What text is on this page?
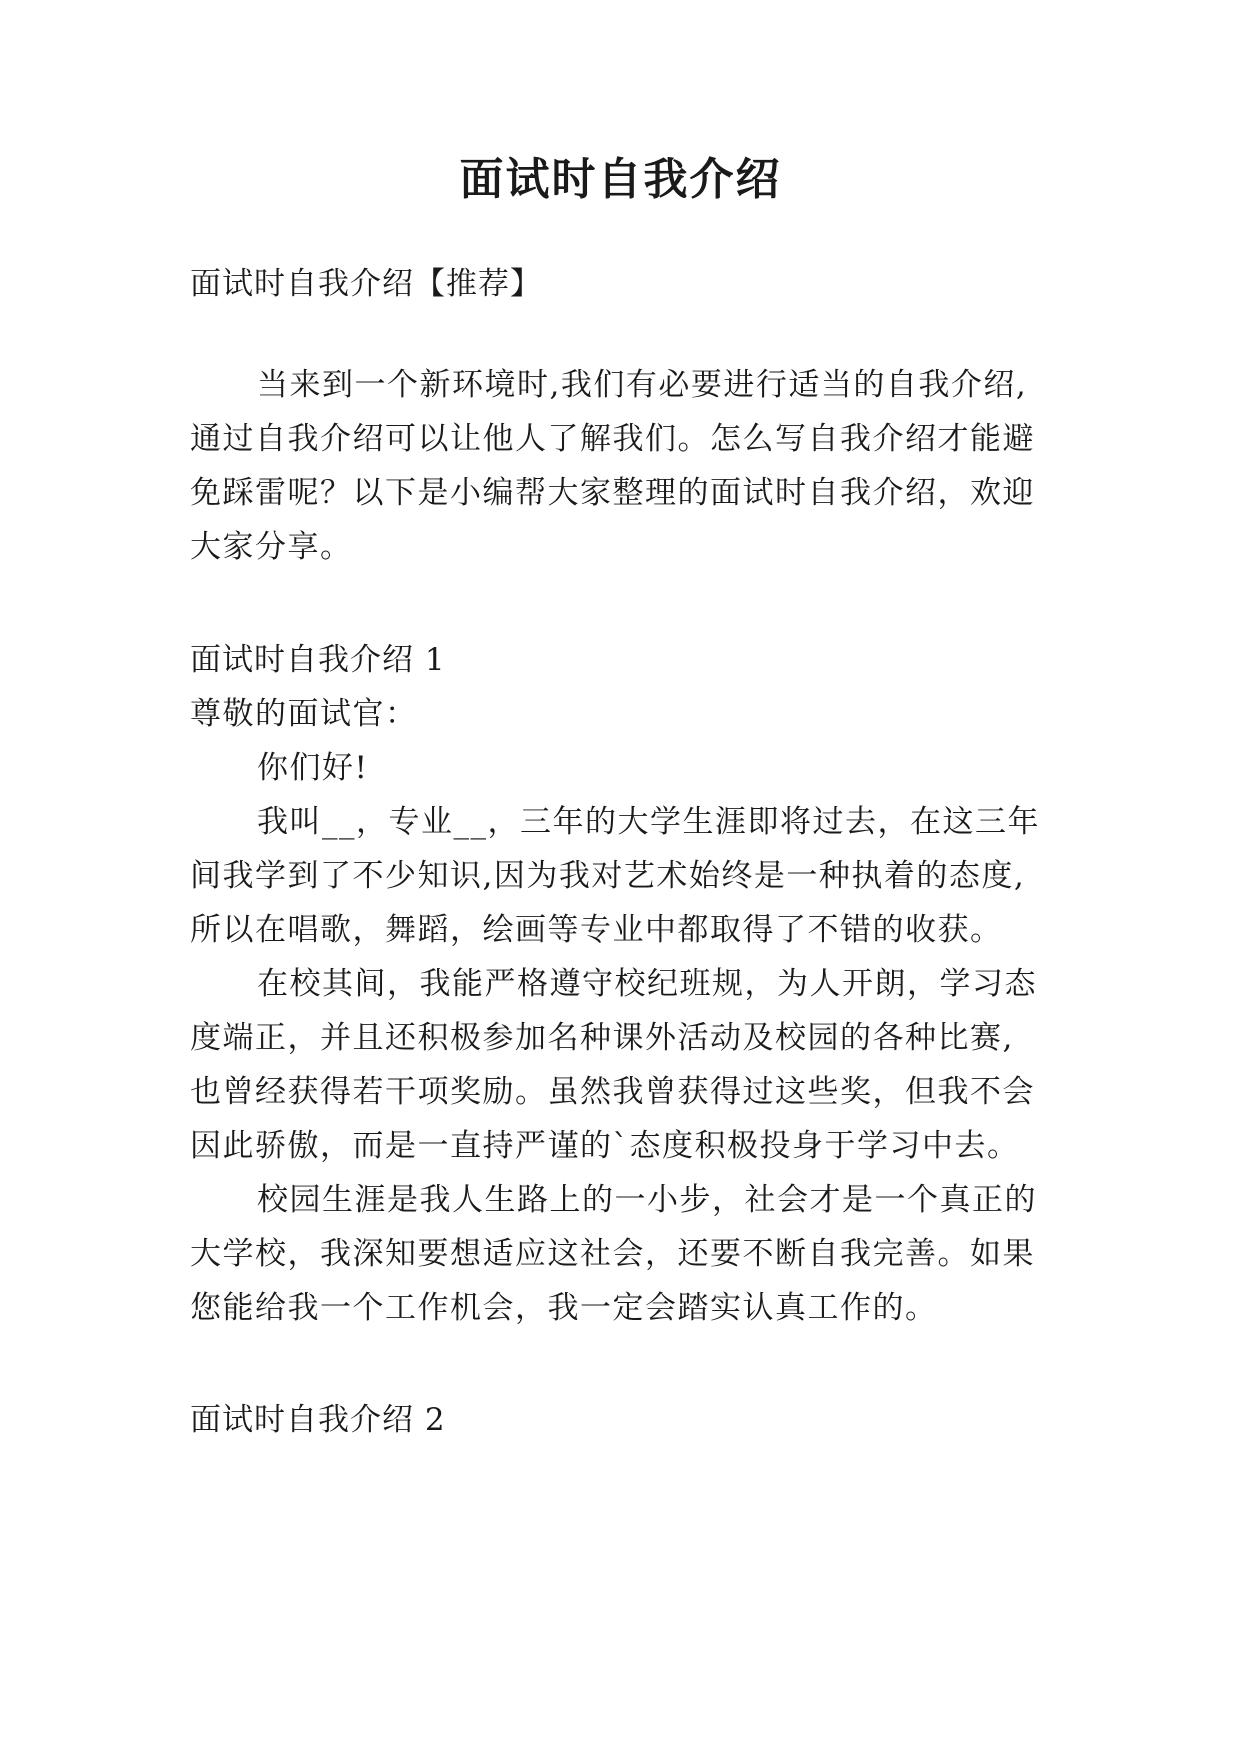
面试时自我介绍
面试时自我介绍【推荐】
当来到一个新环境时,我们有必要进行适当的自我介绍,
通过自我介绍可以让他人了解我们。怎么写自我介绍才能避
免踩雷呢？以下是小编帮大家整理的面试时自我介绍，欢迎
大家分享。
面试时自我介绍 1
尊敬的面试官：
你们好!
我叫__，专业__，三年的大学生涯即将过去，在这三年
间我学到了不少知识,因为我对艺术始终是一种执着的态度,
所以在唱歌，舞蹈，绘画等专业中都取得了不错的收获。
在校其间，我能严格遵守校纪班规，为人开朗，学习态
度端正，并且还积极参加名种课外活动及校园的各种比赛,
也曾经获得若干项奖励。虽然我曾获得过这些奖，但我不会
因此骄傲，而是一直持严谨的`态度积极投身于学习中去。
校园生涯是我人生路上的一小步，社会才是一个真正的
大学校，我深知要想适应这社会，还要不断自我完善。如果
您能给我一个工作机会，我一定会踏实认真工作的。
面试时自我介绍 2
